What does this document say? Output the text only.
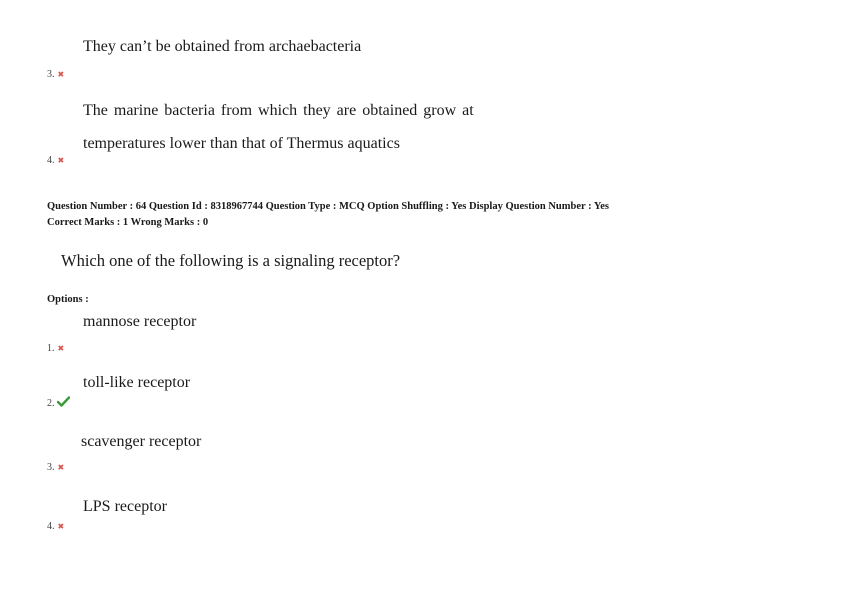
They can’t be obtained from archaebacteria
3. ✖
The marine bacteria from which they are obtained grow at
temperatures lower than that of Thermus aquatics
4. ✖
Question Number : 64 Question Id : 8318967744 Question Type : MCQ Option Shuffling : Yes Display Question Number : Yes
Correct Marks : 1 Wrong Marks : 0
Which one of the following is a signaling receptor?
Options :
mannose receptor
1. ✖
toll-like receptor
2.
scavenger receptor
3. ✖
LPS receptor
4. ✖
